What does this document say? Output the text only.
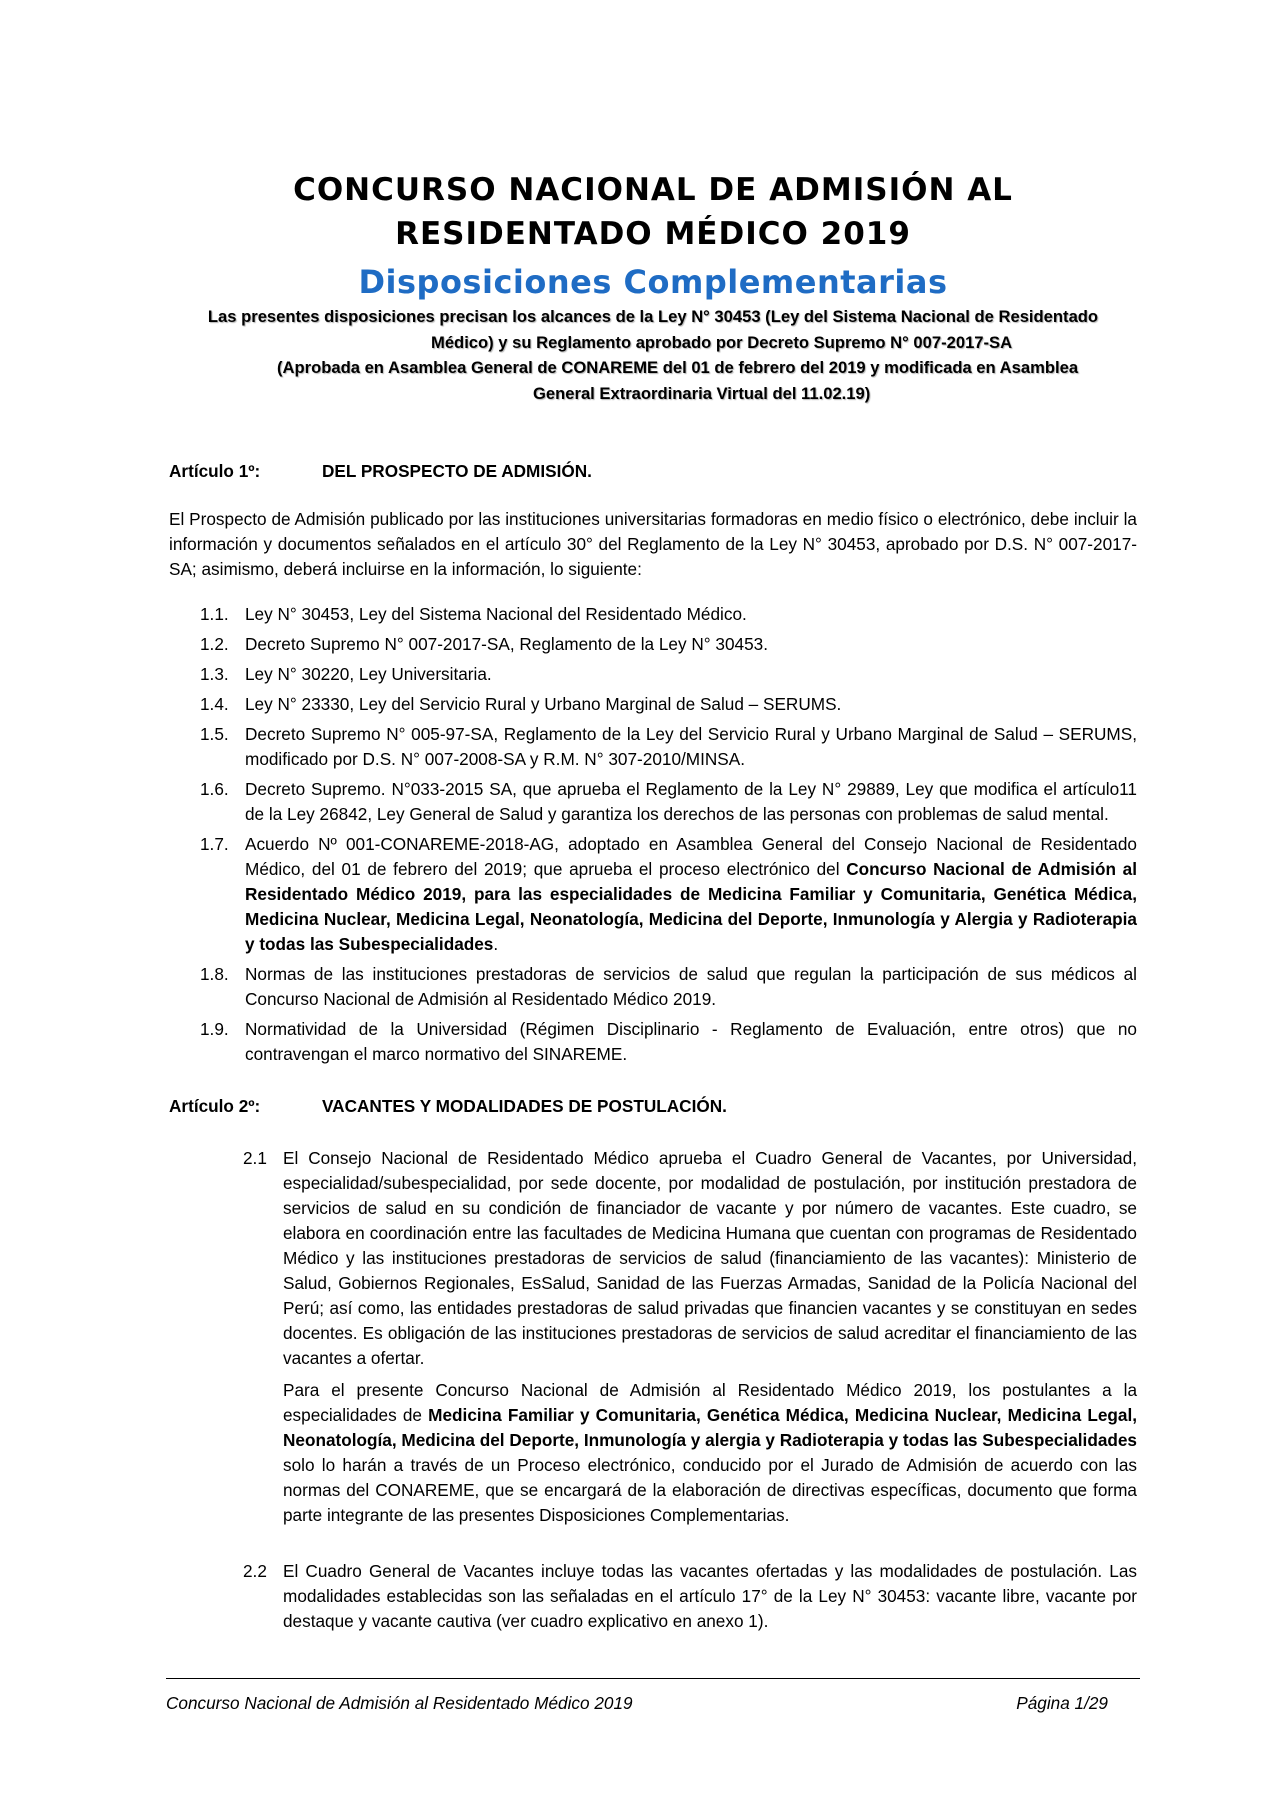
CONCURSO NACIONAL DE ADMISIÓN AL
RESIDENTADO MÉDICO 2019
Disposiciones Complementarias
Las presentes disposiciones precisan los alcances de la Ley N° 30453 (Ley del Sistema Nacional de Residentado
Médico) y su Reglamento aprobado por Decreto Supremo N° 007-2017-SA
(Aprobada en Asamblea General de CONAREME del 01 de febrero del 2019 y modificada en Asamblea
General Extraordinaria Virtual del 11.02.19)
Artículo 1º:	DEL PROSPECTO DE ADMISIÓN.

El Prospecto de Admisión publicado por las instituciones universitarias formadoras en medio físico o electrónico, debe incluir la información y documentos señalados en el artículo 30° del Reglamento de la Ley N° 30453, aprobado por D.S. N° 007-2017-SA; asimismo, deberá incluirse en la información, lo siguiente:

1.1. Ley N° 30453, Ley del Sistema Nacional del Residentado Médico.
1.2. Decreto Supremo N° 007-2017-SA, Reglamento de la Ley N° 30453.
1.3. Ley N° 30220, Ley Universitaria.
1.4. Ley N° 23330, Ley del Servicio Rural y Urbano Marginal de Salud – SERUMS.
1.5. Decreto Supremo N° 005-97-SA, Reglamento de la Ley del Servicio Rural y Urbano Marginal de Salud – SERUMS, modificado por D.S. N° 007-2008-SA y R.M. N° 307-2010/MINSA.
1.6. Decreto Supremo. N°033-2015 SA, que aprueba el Reglamento de la Ley N° 29889, Ley que modifica el artículo11 de la Ley 26842, Ley General de Salud y garantiza los derechos de las personas con problemas de salud mental.
1.7. Acuerdo Nº 001-CONAREME-2018-AG, adoptado en Asamblea General del Consejo Nacional de Residentado Médico, del 01 de febrero del 2019; que aprueba el proceso electrónico del Concurso Nacional de Admisión al Residentado Médico 2019, para las especialidades de Medicina Familiar y Comunitaria, Genética Médica, Medicina Nuclear, Medicina Legal, Neonatología, Medicina del Deporte, Inmunología y Alergia y Radioterapia y todas las Subespecialidades.
1.8. Normas de las instituciones prestadoras de servicios de salud que regulan la participación de sus médicos al Concurso Nacional de Admisión al Residentado Médico 2019.
1.9. Normatividad de la Universidad (Régimen Disciplinario - Reglamento de Evaluación, entre otros) que no contravengan el marco normativo del SINAREME.
Artículo 2º:	VACANTES Y MODALIDADES DE POSTULACIÓN.
2.1 El Consejo Nacional de Residentado Médico aprueba el Cuadro General de Vacantes, por Universidad, especialidad/subespecialidad, por sede docente, por modalidad de postulación, por institución prestadora de servicios de salud en su condición de financiador de vacante y por número de vacantes. Este cuadro, se elabora en coordinación entre las facultades de Medicina Humana que cuentan con programas de Residentado Médico y las instituciones prestadoras de servicios de salud (financiamiento de las vacantes): Ministerio de Salud, Gobiernos Regionales, EsSalud, Sanidad de las Fuerzas Armadas, Sanidad de la Policía Nacional del Perú; así como, las entidades prestadoras de salud privadas que financien vacantes y se constituyan en sedes docentes. Es obligación de las instituciones prestadoras de servicios de salud acreditar el financiamiento de las vacantes a ofertar.

Para el presente Concurso Nacional de Admisión al Residentado Médico 2019, los postulantes a la especialidades de Medicina Familiar y Comunitaria, Genética Médica, Medicina Nuclear, Medicina Legal, Neonatología, Medicina del Deporte, Inmunología y alergia y Radioterapia y todas las Subespecialidades solo lo harán a través de un Proceso electrónico, conducido por el Jurado de Admisión de acuerdo con las normas del CONAREME, que se encargará de la elaboración de directivas específicas, documento que forma parte integrante de las presentes Disposiciones Complementarias.

2.2 El Cuadro General de Vacantes incluye todas las vacantes ofertadas y las modalidades de postulación. Las modalidades establecidas son las señaladas en el artículo 17° de la Ley N° 30453: vacante libre, vacante por destaque y vacante cautiva (ver cuadro explicativo en anexo 1).
Concurso Nacional de Admisión al Residentado Médico 2019	Página 1/29
